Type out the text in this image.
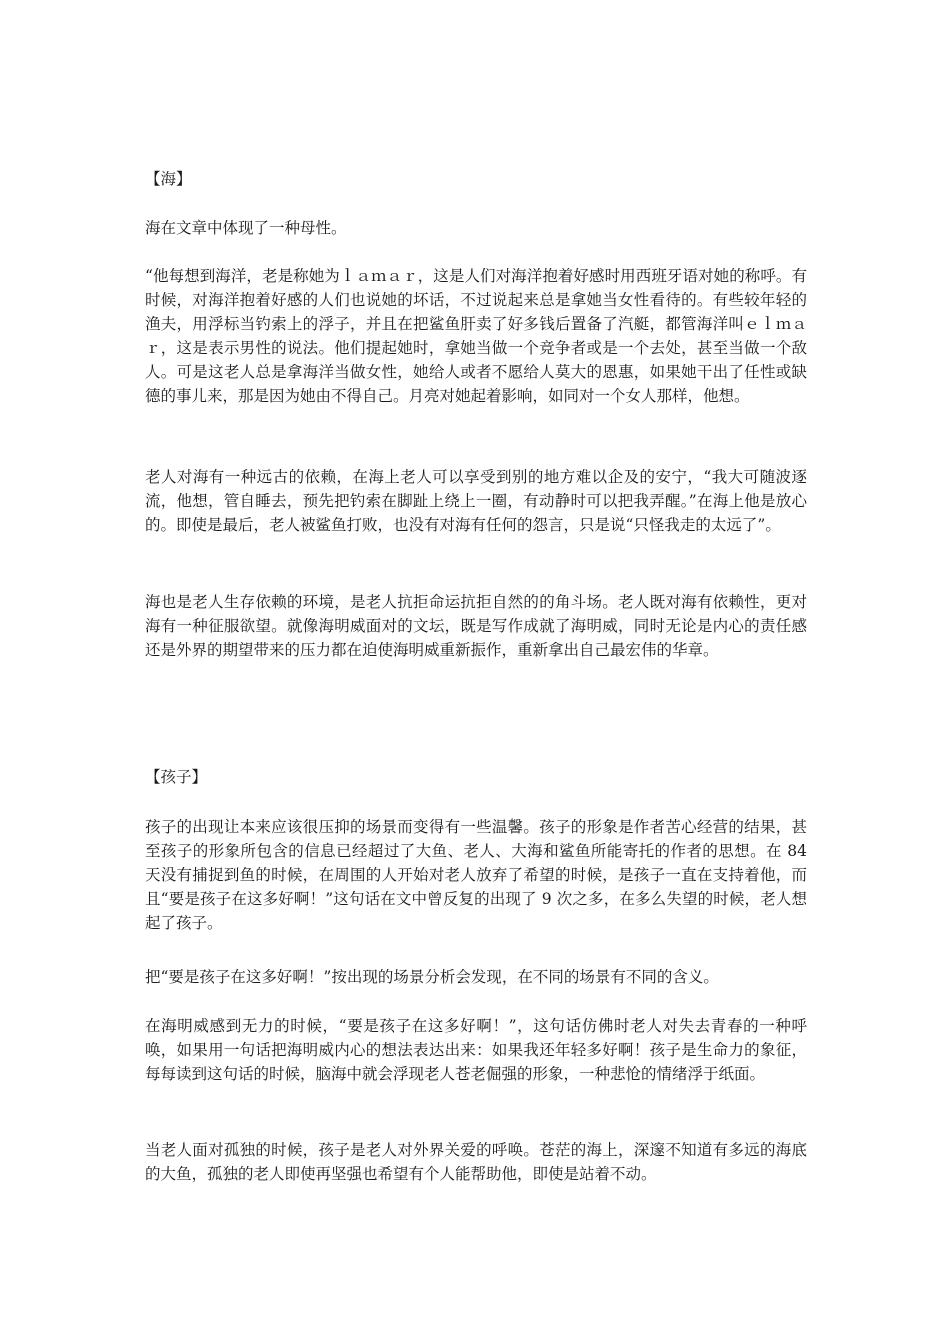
【海】

海在文章中体现了一种母性。

“他每想到海洋，老是称她为ｌａｍａｒ，这是人们对海洋抱着好感时用西班牙语对她的称呼。有时候，对海洋抱着好感的人们也说她的坏话，不过说起来总是拿她当女性看待的。有些较年轻的渔夫，用浮标当钓索上的浮子，并且在把鲨鱼肝卖了好多钱后置备了汽艇，都管海洋叫ｅｌｍａｒ，这是表示男性的说法。他们提起她时，拿她当做一个竞争者或是一个去处，甚至当做一个敌人。可是这老人总是拿海洋当做女性，她给人或者不愿给人莫大的恩惠，如果她干出了任性或缺德的事儿来，那是因为她由不得自己。月亮对她起着影响，如同对一个女人那样，他想。

老人对海有一种远古的依赖，在海上老人可以享受到别的地方难以企及的安宁，“我大可随波逐流，他想，管自睡去，预先把钓索在脚趾上绕上一圈，有动静时可以把我弄醒。”在海上他是放心的。即使是最后，老人被鲨鱼打败，也没有对海有任何的怨言，只是说“只怪我走的太远了”。

海也是老人生存依赖的环境，是老人抗拒命运抗拒自然的的角斗场。老人既对海有依赖性，更对海有一种征服欲望。就像海明威面对的文坛，既是写作成就了海明威，同时无论是内心的责任感还是外界的期望带来的压力都在迫使海明威重新振作，重新拿出自己最宏伟的华章。

【孩子】

孩子的出现让本来应该很压抑的场景而变得有一些温馨。孩子的形象是作者苦心经营的结果，甚至孩子的形象所包含的信息已经超过了大鱼、老人、大海和鲨鱼所能寄托的作者的思想。在 84 天没有捕捉到鱼的时候，在周围的人开始对老人放弃了希望的时候，是孩子一直在支持着他，而且“要是孩子在这多好啊！”这句话在文中曾反复的出现了 9 次之多，在多么失望的时候，老人想起了孩子。

把“要是孩子在这多好啊！”按出现的场景分析会发现，在不同的场景有不同的含义。

在海明威感到无力的时候，“要是孩子在这多好啊！”，这句话仿佛时老人对失去青春的一种呼唤，如果用一句话把海明威内心的想法表达出来：如果我还年轻多好啊！孩子是生命力的象征，每每读到这句话的时候，脑海中就会浮现老人苍老倔强的形象，一种悲怆的情绪浮于纸面。

当老人面对孤独的时候，孩子是老人对外界关爱的呼唤。苍茫的海上，深邃不知道有多远的海底的大鱼，孤独的老人即使再坚强也希望有个人能帮助他，即使是站着不动。
